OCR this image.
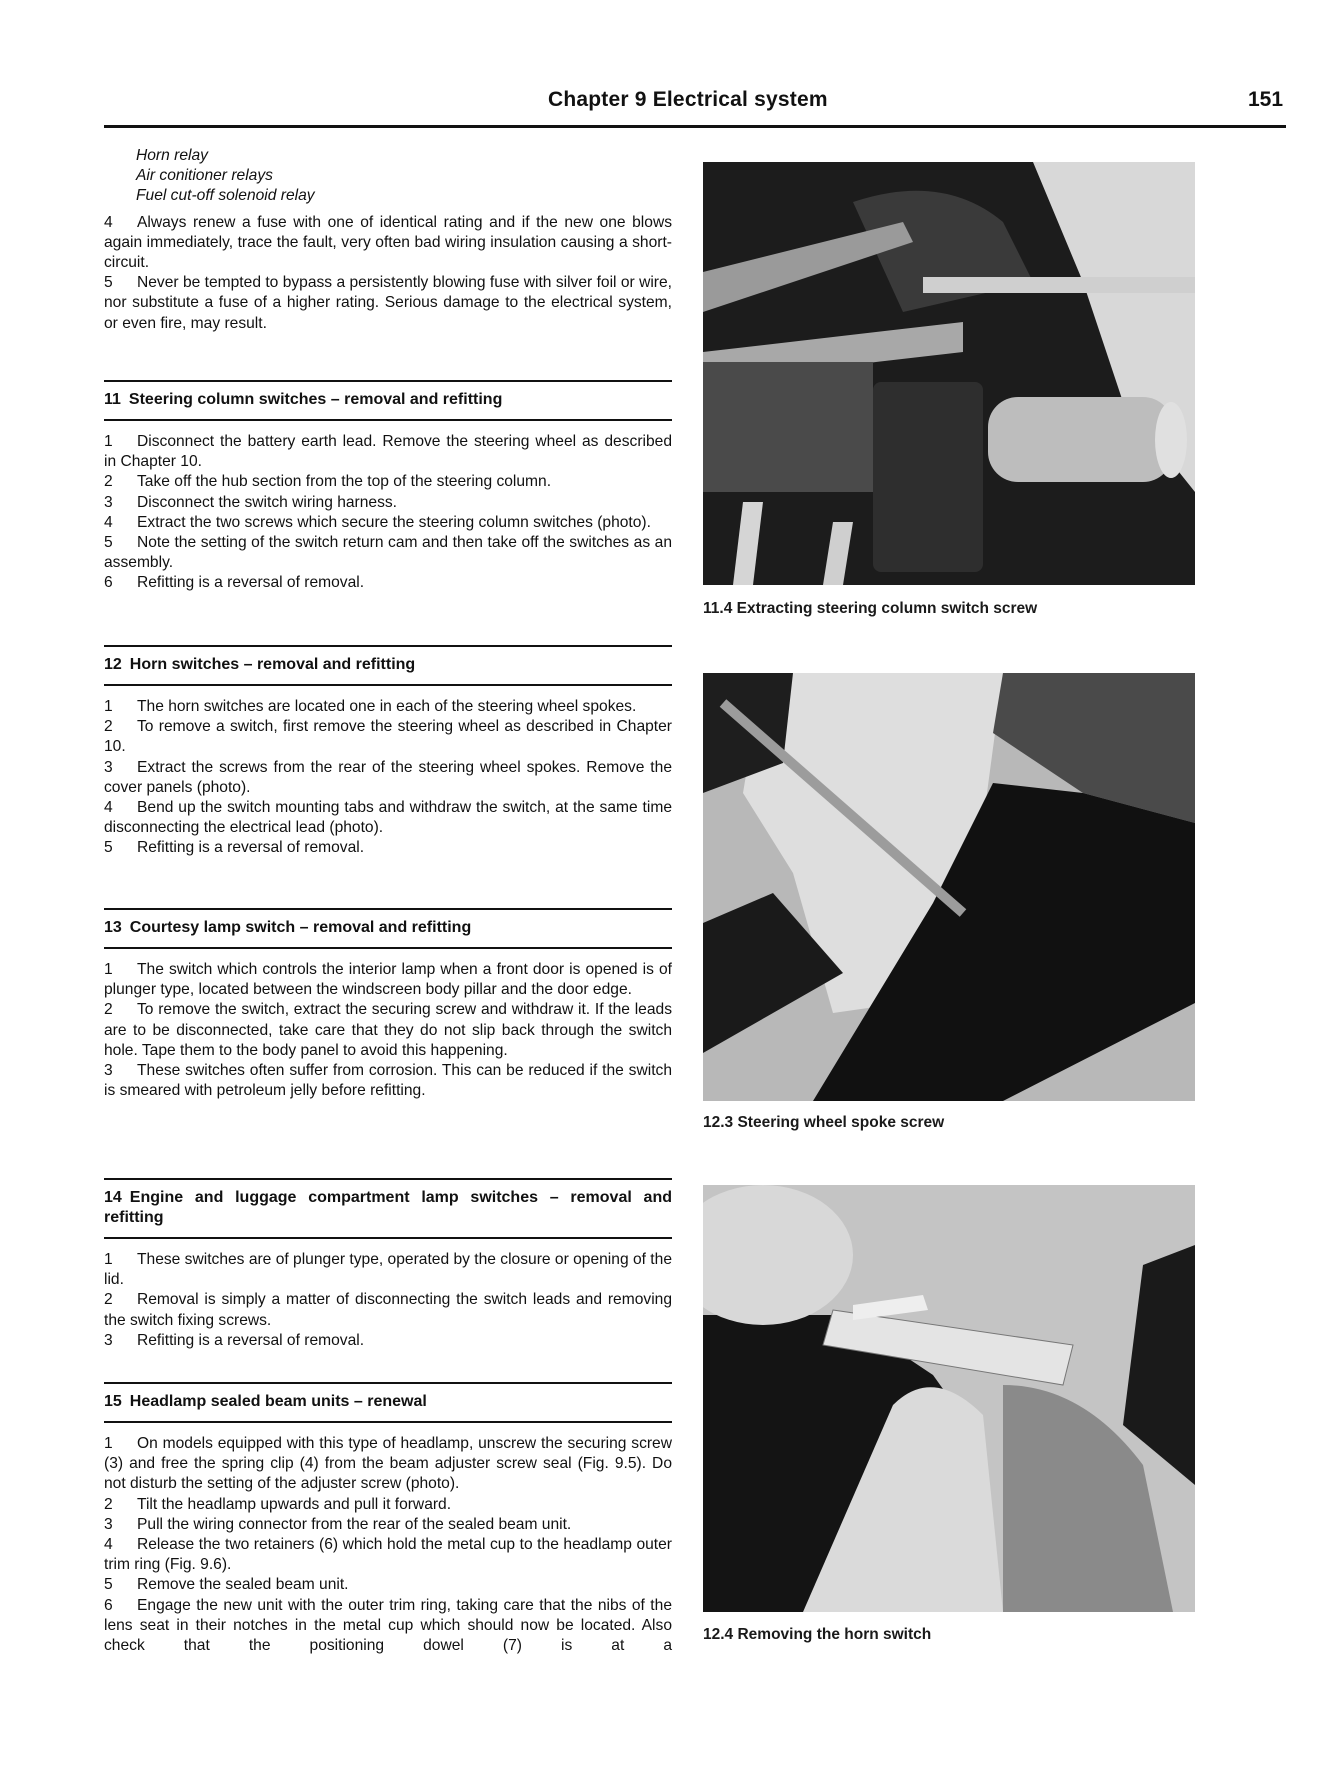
Chapter 9 Electrical system	151
Horn relay
Air conitioner relays
Fuel cut-off solenoid relay

4 Always renew a fuse with one of identical rating and if the new one blows again immediately, trace the fault, very often bad wiring insulation causing a short-circuit.

5 Never be tempted to bypass a persistently blowing fuse with silver foil or wire, nor substitute a fuse of a higher rating. Serious damage to the electrical system, or even fire, may result.

11 Steering column switches – removal and refitting

1 Disconnect the battery earth lead. Remove the steering wheel as described in Chapter 10.

2 Take off the hub section from the top of the steering column.

3 Disconnect the switch wiring harness.

4 Extract the two screws which secure the steering column switches (photo).

5 Note the setting of the switch return cam and then take off the switches as an assembly.

6 Refitting is a reversal of removal.

12 Horn switches – removal and refitting

1 The horn switches are located one in each of the steering wheel spokes.

2 To remove a switch, first remove the steering wheel as described in Chapter 10.

3 Extract the screws from the rear of the steering wheel spokes. Remove the cover panels (photo).

4 Bend up the switch mounting tabs and withdraw the switch, at the same time disconnecting the electrical lead (photo).

5 Refitting is a reversal of removal.

13 Courtesy lamp switch – removal and refitting

1 The switch which controls the interior lamp when a front door is opened is of plunger type, located between the windscreen body pillar and the door edge.

2 To remove the switch, extract the securing screw and withdraw it. If the leads are to be disconnected, take care that they do not slip back through the switch hole. Tape them to the body panel to avoid this happening.

3 These switches often suffer from corrosion. This can be reduced if the switch is smeared with petroleum jelly before refitting.

14 Engine and luggage compartment lamp switches – removal and refitting

1 These switches are of plunger type, operated by the closure or opening of the lid.

2 Removal is simply a matter of disconnecting the switch leads and removing the switch fixing screws.

3 Refitting is a reversal of removal.

15 Headlamp sealed beam units – renewal

1 On models equipped with this type of headlamp, unscrew the securing screw (3) and free the spring clip (4) from the beam adjuster screw seal (Fig. 9.5). Do not disturb the setting of the adjuster screw (photo).

2 Tilt the headlamp upwards and pull it forward.

3 Pull the wiring connector from the rear of the sealed beam unit.

4 Release the two retainers (6) which hold the metal cup to the headlamp outer trim ring (Fig. 9.6).

5 Remove the sealed beam unit.

6 Engage the new unit with the outer trim ring, taking care that the nibs of the lens seat in their notches in the metal cup which should now be located. Also check that the positioning dowel (7) is at a

11.4 Extracting steering column switch screw
12.3 Steering wheel spoke screw
12.4 Removing the horn switch
